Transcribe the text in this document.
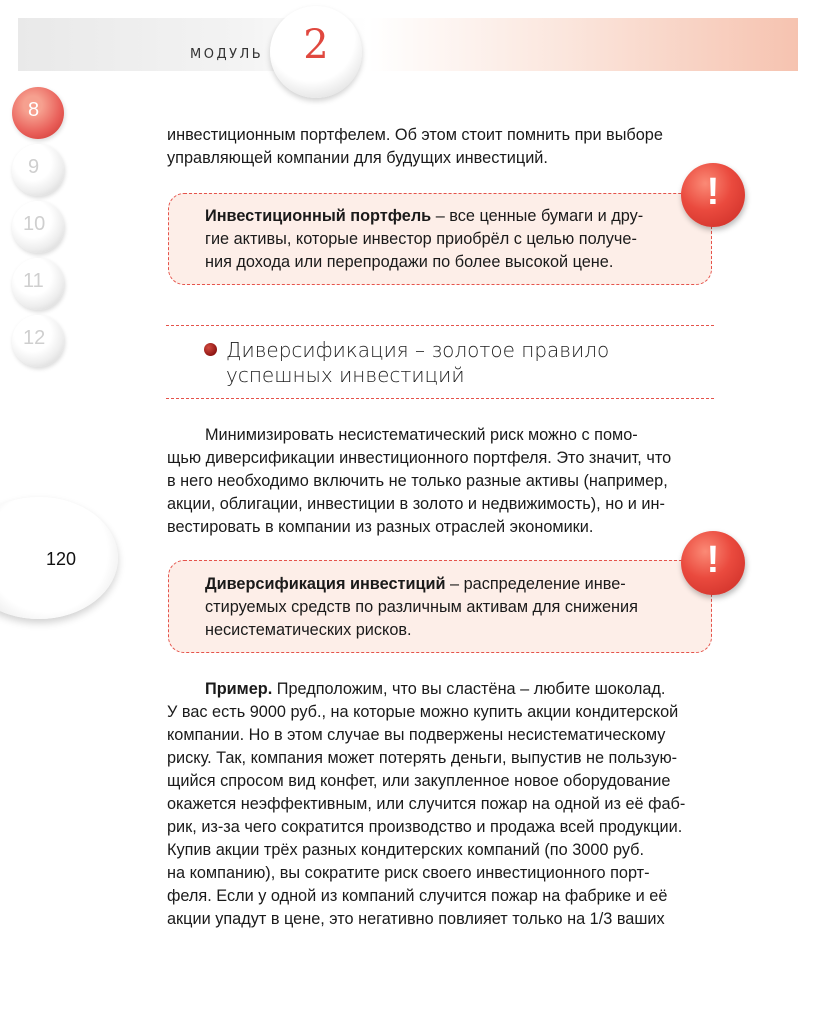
МОДУЛЬ	2
8
9
10
11
12
120

инвестиционным портфелем. Об этом стоит помнить при выборе
управляющей компании для будущих инвестиций.

Инвестиционный портфель – все ценные бумаги и дру-
гие активы, которые инвестор приобрёл с целью получе-
ния дохода или перепродажи по более высокой цене.

!
Диверсификация – золотое правило
успешных инвестиций

Минимизировать несистематический риск можно с помо-
щью диверсификации инвестиционного портфеля. Это значит, что
в него необходимо включить не только разные активы (например,
акции, облигации, инвестиции в золото и недвижимость), но и ин-
вестировать в компании из разных отраслей экономики.

Диверсификация инвестиций – распределение инве-
стируемых средств по различным активам для снижения
несистематических рисков.

!

Пример. Предположим, что вы сластёна – любите шоколад.
У вас есть 9000 руб., на которые можно купить акции кондитерской
компании. Но в этом случае вы подвержены несистематическому
риску. Так, компания может потерять деньги, выпустив не пользую-
щийся спросом вид конфет, или закупленное новое оборудование
окажется неэффективным, или случится пожар на одной из её фаб-
рик, из-за чего сократится производство и продажа всей продукции.
Купив акции трёх разных кондитерских компаний (по 3000 руб.
на компанию), вы сократите риск своего инвестиционного порт-
феля. Если у одной из компаний случится пожар на фабрике и её
акции упадут в цене, это негативно повлияет только на 1/3 ваших
